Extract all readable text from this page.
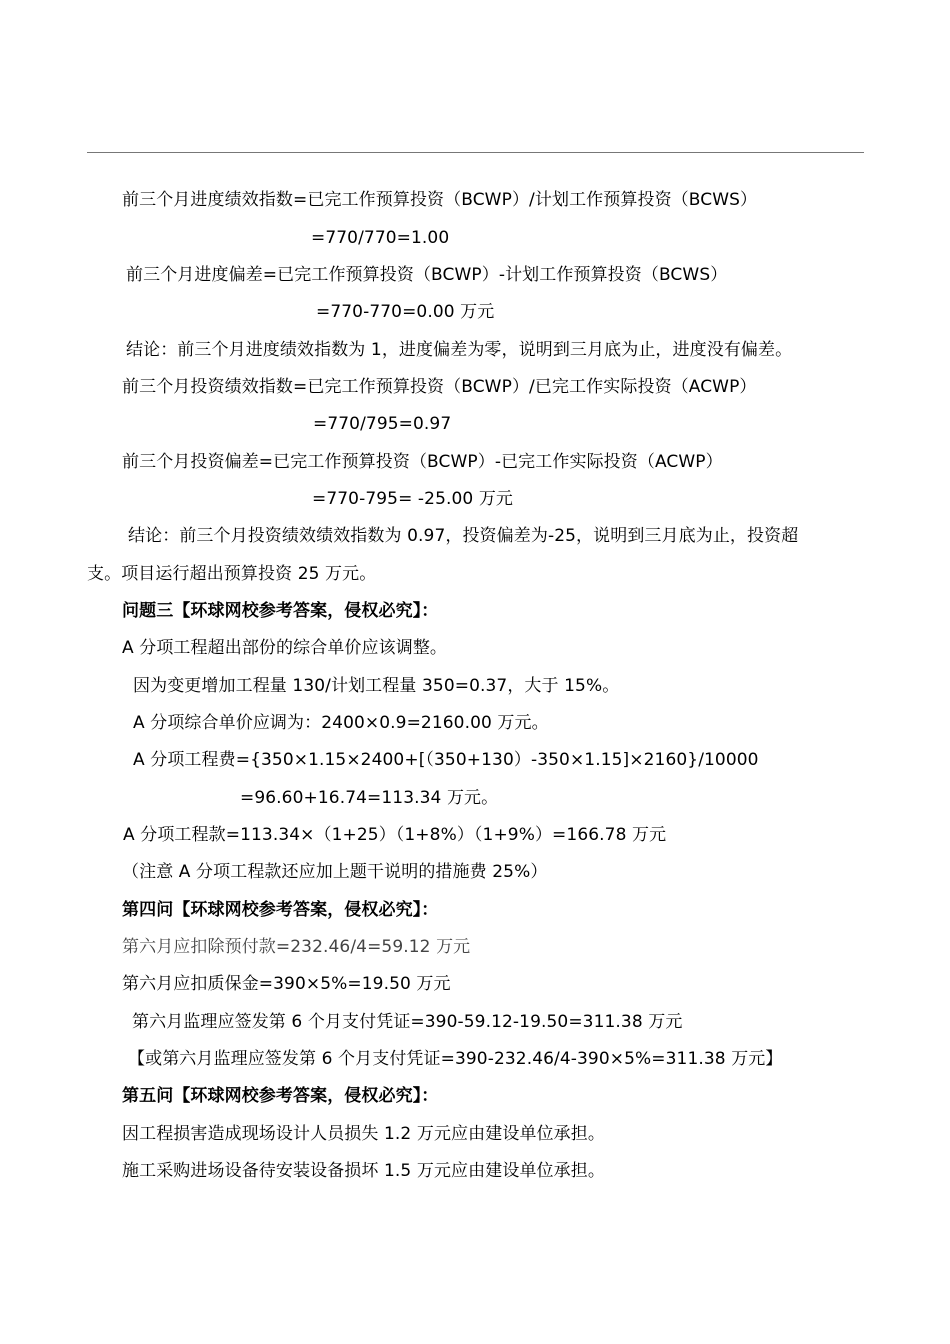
前三个月进度绩效指数=已完工作预算投资（BCWP）/计划工作预算投资（BCWS）
=770/770=1.00
前三个月进度偏差=已完工作预算投资（BCWP）-计划工作预算投资（BCWS）
=770-770=0.00 万元
结论：前三个月进度绩效指数为 1，进度偏差为零，说明到三月底为止，进度没有偏差。
前三个月投资绩效指数=已完工作预算投资（BCWP）/已完工作实际投资（ACWP）
=770/795=0.97
前三个月投资偏差=已完工作预算投资（BCWP）-已完工作实际投资（ACWP）
=770-795= -25.00 万元
结论：前三个月投资绩效绩效指数为 0.97，投资偏差为-25，说明到三月底为止，投资超
支。项目运行超出预算投资 25 万元。
问题三【环球网校参考答案，侵权必究】：
A 分项工程超出部份的综合单价应该调整。
因为变更增加工程量 130/计划工程量 350=0.37，大于 15%。
A 分项综合单价应调为：2400×0.9=2160.00 万元。
A 分项工程费={350×1.15×2400+[（350+130）-350×1.15]×2160}/10000
=96.60+16.74=113.34 万元。
A 分项工程款=113.34×（1+25）（1+8%）（1+9%）=166.78 万元
（注意 A 分项工程款还应加上题干说明的措施费 25%）
第四问【环球网校参考答案，侵权必究】：
第六月应扣除预付款=232.46/4=59.12 万元
第六月应扣质保金=390×5%=19.50 万元
第六月监理应签发第 6 个月支付凭证=390-59.12-19.50=311.38 万元
【或第六月监理应签发第 6 个月支付凭证=390-232.46/4-390×5%=311.38 万元】
第五问【环球网校参考答案，侵权必究】：
因工程损害造成现场设计人员损失 1.2 万元应由建设单位承担。
施工采购进场设备待安装设备损坏 1.5 万元应由建设单位承担。
